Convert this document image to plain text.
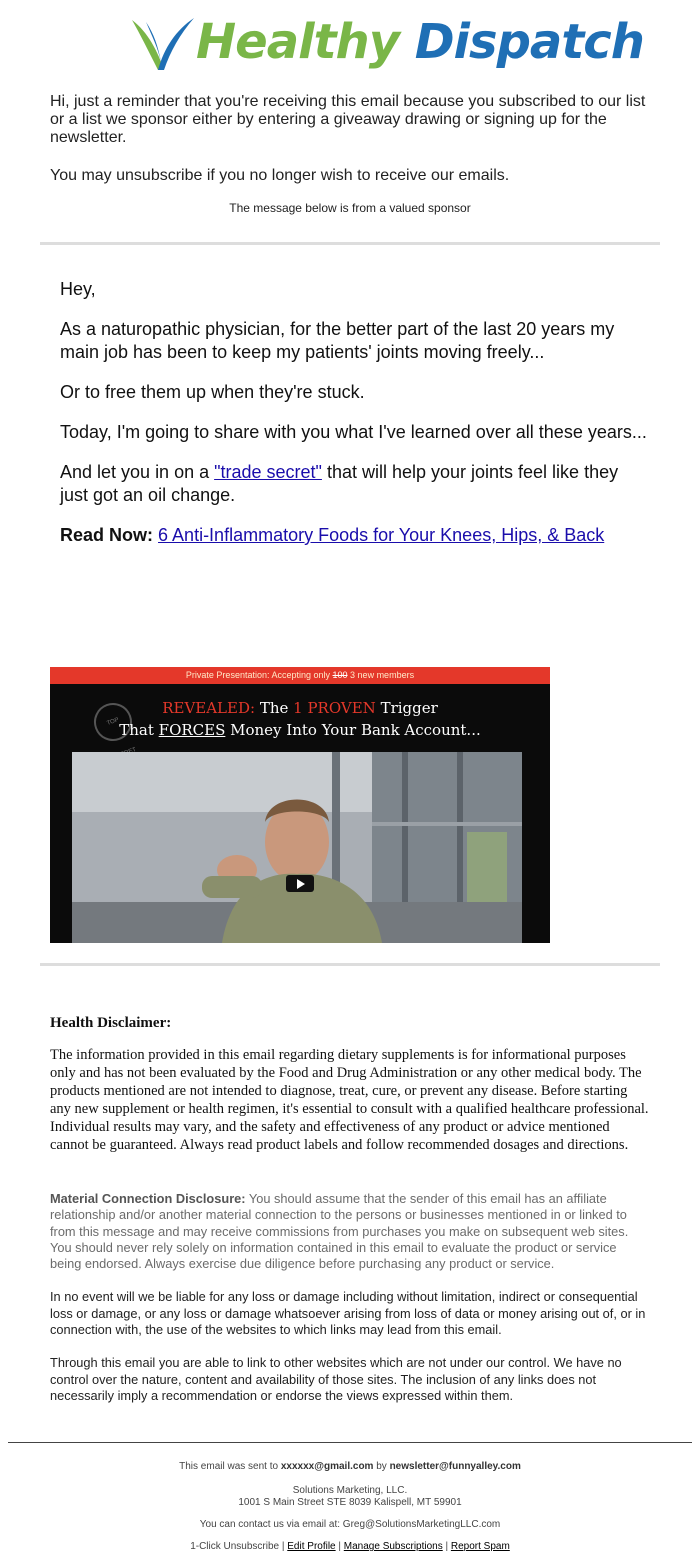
Healthy Dispatch

Hi, just a reminder that you're receiving this email because you subscribed to our list or a list we sponsor either by entering a giveaway drawing or signing up for the newsletter.

You may unsubscribe if you no longer wish to receive our emails.

The message below is from a valued sponsor

Hey,

As a naturopathic physician, for the better part of the last 20 years my main job has been to keep my patients' joints moving freely...

Or to free them up when they're stuck.

Today, I'm going to share with you what I've learned over all these years...

And let you in on a "trade secret" that will help your joints feel like they just got an oil change.

Read Now: 6 Anti-Inflammatory Foods for Your Knees, Hips, & Back

Private Presentation: Accepting only 100 3 new members
TOP
REVEALED: The 1 PROVEN Trigger
That FORCES Money Into Your Bank Account...
Health Disclaimer:

The information provided in this email regarding dietary supplements is for informational purposes only and has not been evaluated by the Food and Drug Administration or any other medical body. The products mentioned are not intended to diagnose, treat, cure, or prevent any disease. Before starting any new supplement or health regimen, it's essential to consult with a qualified healthcare professional. Individual results may vary, and the safety and effectiveness of any product or advice mentioned cannot be guaranteed. Always read product labels and follow recommended dosages and directions.

Material Connection Disclosure: You should assume that the sender of this email has an affiliate relationship and/or another material connection to the persons or businesses mentioned in or linked to from this message and may receive commissions from purchases you make on subsequent web sites. You should never rely solely on information contained in this email to evaluate the product or service being endorsed. Always exercise due diligence before purchasing any product or service.

In no event will we be liable for any loss or damage including without limitation, indirect or consequential loss or damage, or any loss or damage whatsoever arising from loss of data or money arising out of, or in connection with, the use of the websites to which links may lead from this email.

Through this email you are able to link to other websites which are not under our control. We have no control over the nature, content and availability of those sites. The inclusion of any links does not necessarily imply a recommendation or endorse the views expressed within them.

This email was sent to xxxxxx@gmail.com by newsletter@funnyalley.com
Solutions Marketing, LLC.
1001 S Main Street STE 8039 Kalispell, MT 59901
You can contact us via email at: Greg@SolutionsMarketingLLC.com
1-Click Unsubscribe | Edit Profile | Manage Subscriptions | Report Spam
